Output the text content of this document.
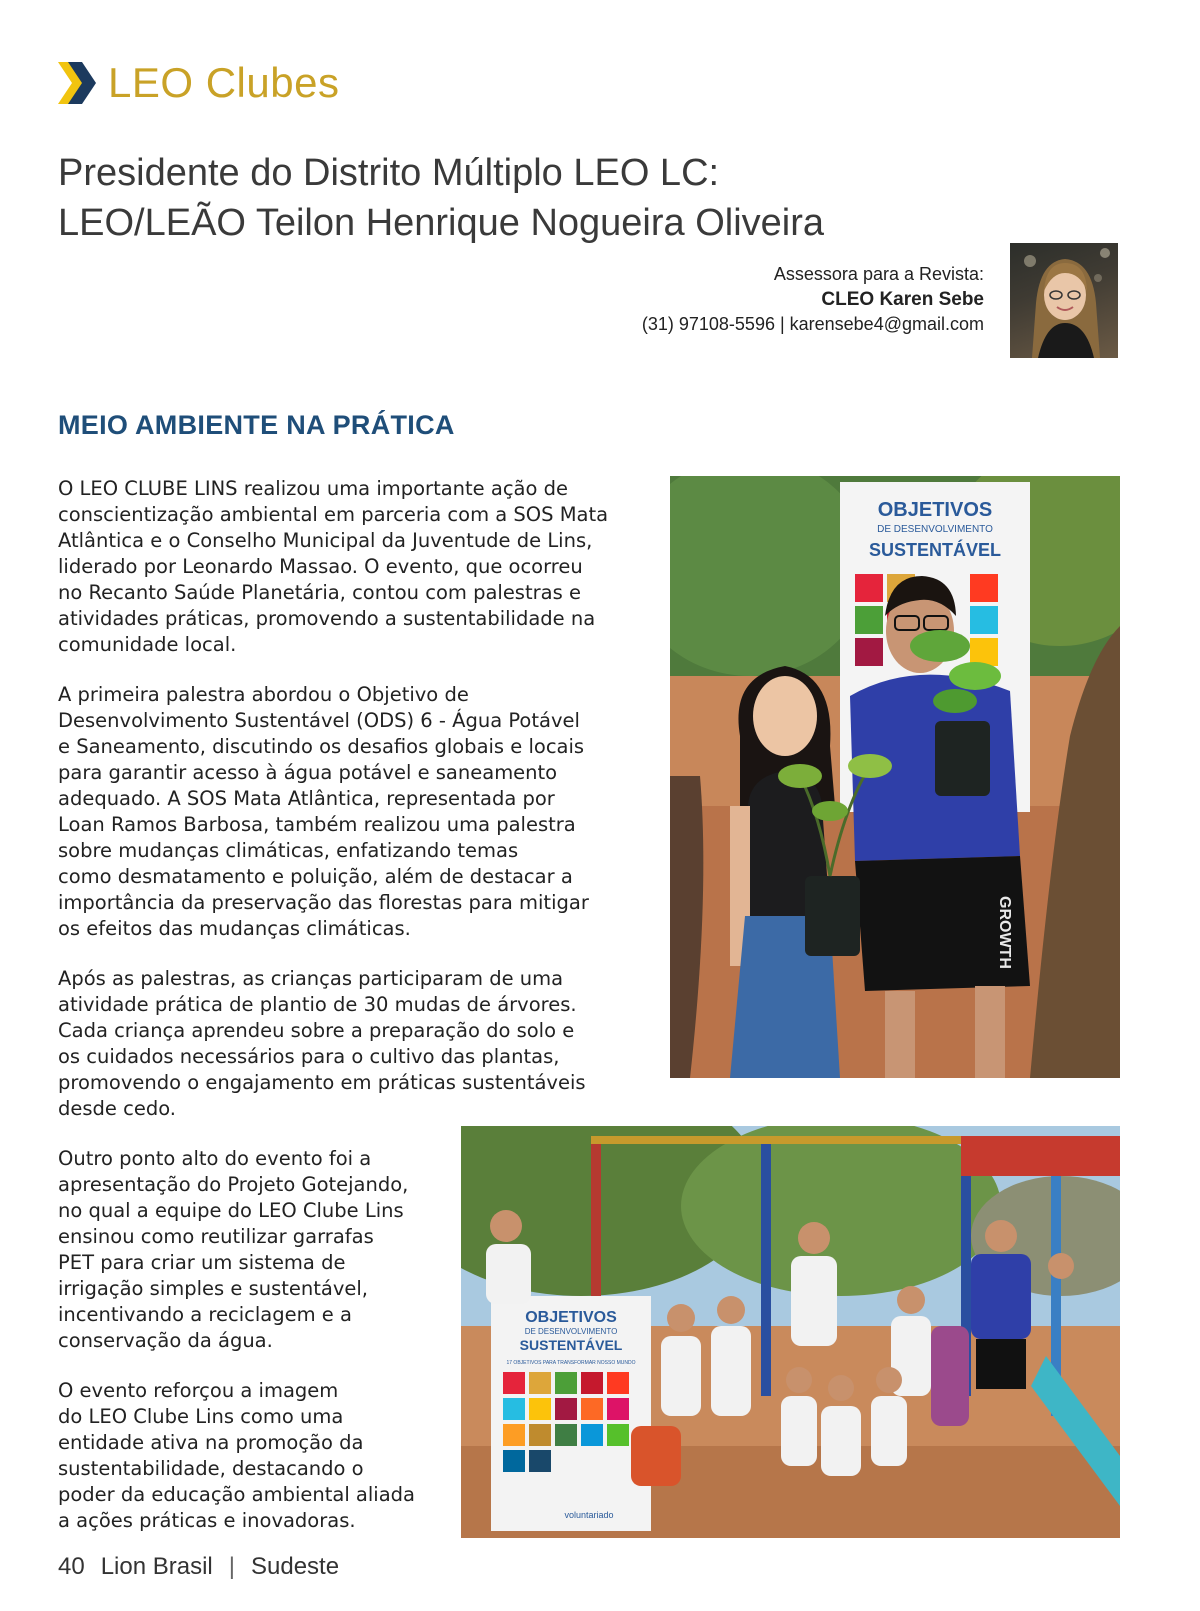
LEO Clubes
Presidente do Distrito Múltiplo LEO LC:
LEO/LEÃO Teilon Henrique Nogueira Oliveira
Assessora para a Revista:
CLEO Karen Sebe
(31) 97108-5596 | karensebe4@gmail.com
MEIO AMBIENTE NA PRÁTICA
O LEO CLUBE LINS realizou uma importante ação de
conscientização ambiental em parceria com a SOS Mata
Atlântica e o Conselho Municipal da Juventude de Lins,
liderado por Leonardo Massao. O evento, que ocorreu
no Recanto Saúde Planetária, contou com palestras e
atividades práticas, promovendo a sustentabilidade na
comunidade local.
A primeira palestra abordou o Objetivo de
Desenvolvimento Sustentável (ODS) 6 - Água Potável
e Saneamento, discutindo os desafios globais e locais
para garantir acesso à água potável e saneamento
adequado. A SOS Mata Atlântica, representada por
Loan Ramos Barbosa, também realizou uma palestra
sobre mudanças climáticas, enfatizando temas
como desmatamento e poluição, além de destacar a
importância da preservação das florestas para mitigar
os efeitos das mudanças climáticas.
Após as palestras, as crianças participaram de uma
atividade prática de plantio de 30 mudas de árvores.
Cada criança aprendeu sobre a preparação do solo e
os cuidados necessários para o cultivo das plantas,
promovendo o engajamento em práticas sustentáveis
desde cedo.
Outro ponto alto do evento foi a
apresentação do Projeto Gotejando,
no qual a equipe do LEO Clube Lins
ensinou como reutilizar garrafas
PET para criar um sistema de
irrigação simples e sustentável,
incentivando a reciclagem e a
conservação da água.
O evento reforçou a imagem
do LEO Clube Lins como uma
entidade ativa na promoção da
sustentabilidade, destacando o
poder da educação ambiental aliada
a ações práticas e inovadoras.
OBJETIVOS
DE DESENVOLVIMENTO
SUSTENTÁVEL
GROWTH
OBJETIVOS
DE DESENVOLVIMENTO
SUSTENTÁVEL
17 OBJETIVOS PARA TRANSFORMAR NOSSO MUNDO
voluntariado
40 Lion Brasil | Sudeste
